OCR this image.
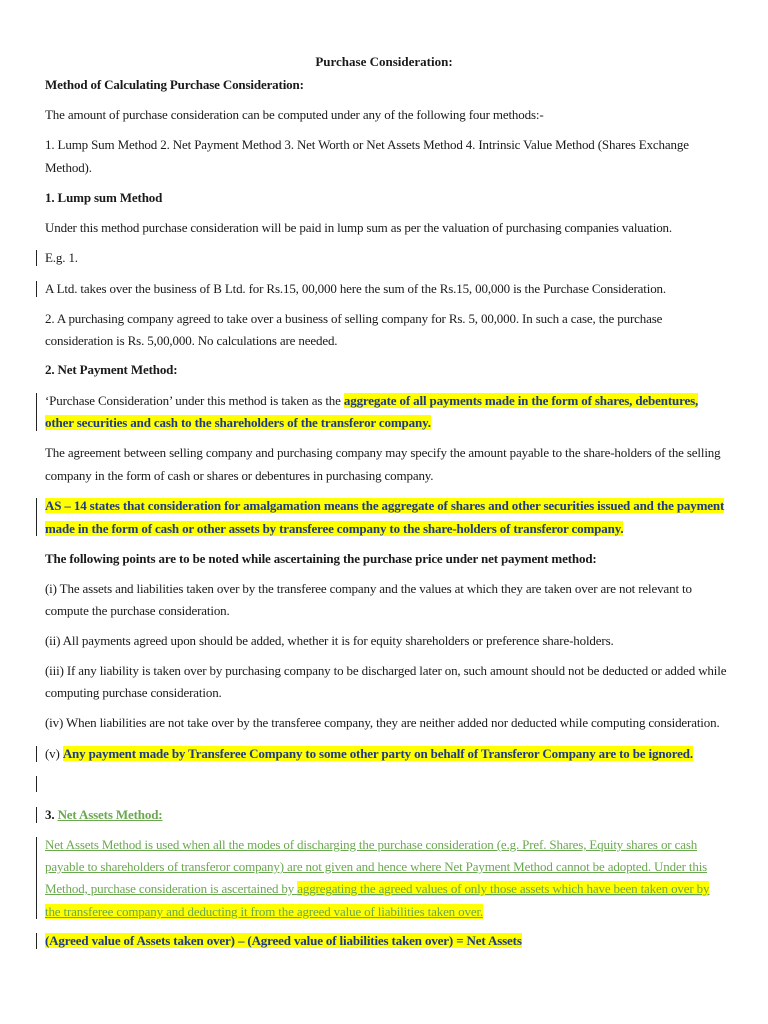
Purchase Consideration:
Method of Calculating Purchase Consideration:
The amount of purchase consideration can be computed under any of the following four methods:-
1. Lump Sum Method 2. Net Payment Method 3. Net Worth or Net Assets Method 4. Intrinsic Value Method (Shares Exchange
Method).
1. Lump sum Method
Under this method purchase consideration will be paid in lump sum as per the valuation of purchasing companies valuation.
E.g. 1.
A Ltd. takes over the business of B Ltd. for Rs.15, 00,000 here the sum of the Rs.15, 00,000 is the Purchase Consideration.
2. A purchasing company agreed to take over a business of selling company for Rs. 5, 00,000. In such a case, the purchase
consideration is Rs. 5,00,000. No calculations are needed.
2. Net Payment Method:
‘Purchase Consideration’ under this method is taken as the aggregate of all payments made in the form of shares, debentures,
other securities and cash to the shareholders of the transferor company.
The agreement between selling company and purchasing company may specify the amount payable to the share-holders of the selling
company in the form of cash or shares or debentures in purchasing company.
AS – 14 states that consideration for amalgamation means the aggregate of shares and other securities issued and the payment
made in the form of cash or other assets by transferee company to the share-holders of transferor company.
The following points are to be noted while ascertaining the purchase price under net payment method:
(i) The assets and liabilities taken over by the transferee company and the values at which they are taken over are not relevant to
compute the purchase consideration.
(ii) All payments agreed upon should be added, whether it is for equity shareholders or preference share-holders.
(iii) If any liability is taken over by purchasing company to be discharged later on, such amount should not be deducted or added while
computing purchase consideration.
(iv) When liabilities are not take over by the transferee company, they are neither added nor deducted while computing consideration.
(v) Any payment made by Transferee Company to some other party on behalf of Transferor Company are to be ignored.
3. Net Assets Method:
Net Assets Method is used when all the modes of discharging the purchase consideration (e.g. Pref. Shares, Equity shares or cash
payable to shareholders of transferor company) are not given and hence where Net Payment Method cannot be adopted. Under this
Method, purchase consideration is ascertained by aggregating the agreed values of only those assets which have been taken over by
the transferee company and deducting it from the agreed value of liabilities taken over.
(Agreed value of Assets taken over) – (Agreed value of liabilities taken over) = Net Assets
